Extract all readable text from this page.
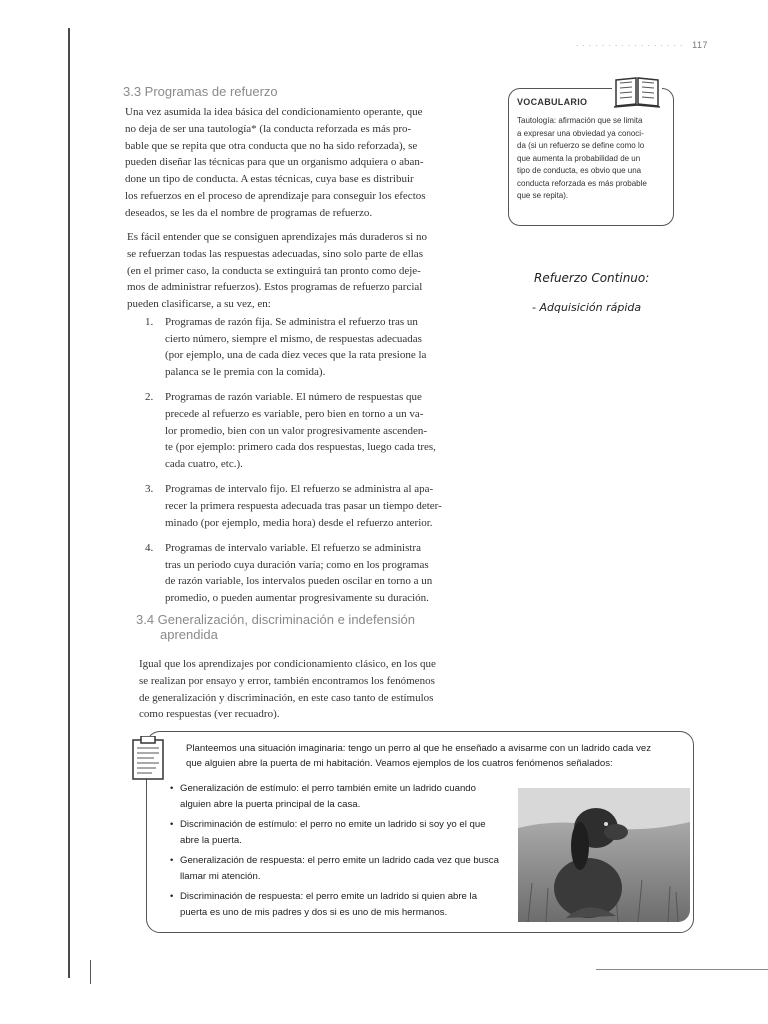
· · · · · · · · · · · · · · · · · 117
3.3 Programas de refuerzo
Una vez asumida la idea básica del condicionamiento operante, que
no deja de ser una tautología* (la conducta reforzada es más pro-
bable que se repita que otra conducta que no ha sido reforzada), se
pueden diseñar las técnicas para que un organismo adquiera o aban-
done un tipo de conducta. A estas técnicas, cuya base es distribuir
los refuerzos en el proceso de aprendizaje para conseguir los efectos
deseados, se les da el nombre de programas de refuerzo.
Es fácil entender que se consiguen aprendizajes más duraderos si no
se refuerzan todas las respuestas adecuadas, sino solo parte de ellas
(en el primer caso, la conducta se extinguirá tan pronto como deje-
mos de administrar refuerzos). Estos programas de refuerzo parcial
pueden clasificarse, a su vez, en:
1. Programas de razón fija. Se administra el refuerzo tras un
cierto número, siempre el mismo, de respuestas adecuadas
(por ejemplo, una de cada diez veces que la rata presione la
palanca se le premia con la comida).
2. Programas de razón variable. El número de respuestas que
precede al refuerzo es variable, pero bien en torno a un va-
lor promedio, bien con un valor progresivamente ascenden-
te (por ejemplo: primero cada dos respuestas, luego cada tres,
cada cuatro, etc.).
3. Programas de intervalo fijo. El refuerzo se administra al apa-
recer la primera respuesta adecuada tras pasar un tiempo deter-
minado (por ejemplo, media hora) desde el refuerzo anterior.
4. Programas de intervalo variable. El refuerzo se administra
tras un periodo cuya duración varía; como en los programas
de razón variable, los intervalos pueden oscilar en torno a un
promedio, o pueden aumentar progresivamente su duración.
3.4 Generalización, discriminación e indefensión
aprendida
Igual que los aprendizajes por condicionamiento clásico, en los que
se realizan por ensayo y error, también encontramos los fenómenos
de generalización y discriminación, en este caso tanto de estímulos
como respuestas (ver recuadro).
VOCABULARIO
Tautología: afirmación que se limita
a expresar una obviedad ya conoci-
da (si un refuerzo se define como lo
que aumenta la probabilidad de un
tipo de conducta, es obvio que una
conducta reforzada es más probable
que se repita).
Refuerzo Continuo:
- Adquisición rápida
Planteemos una situación imaginaria: tengo un perro al que he enseñado a avisarme con un ladrido cada vez
que alguien abre la puerta de mi habitación. Veamos ejemplos de los cuatros fenómenos señalados:
• Generalización de estímulo: el perro también emite un ladrido cuando
alguien abre la puerta principal de la casa.
• Discriminación de estímulo: el perro no emite un ladrido si soy yo el que
abre la puerta.
• Generalización de respuesta: el perro emite un ladrido cada vez que busca
llamar mi atención.
• Discriminación de respuesta: el perro emite un ladrido si quien abre la
puerta es uno de mis padres y dos si es uno de mis hermanos.
